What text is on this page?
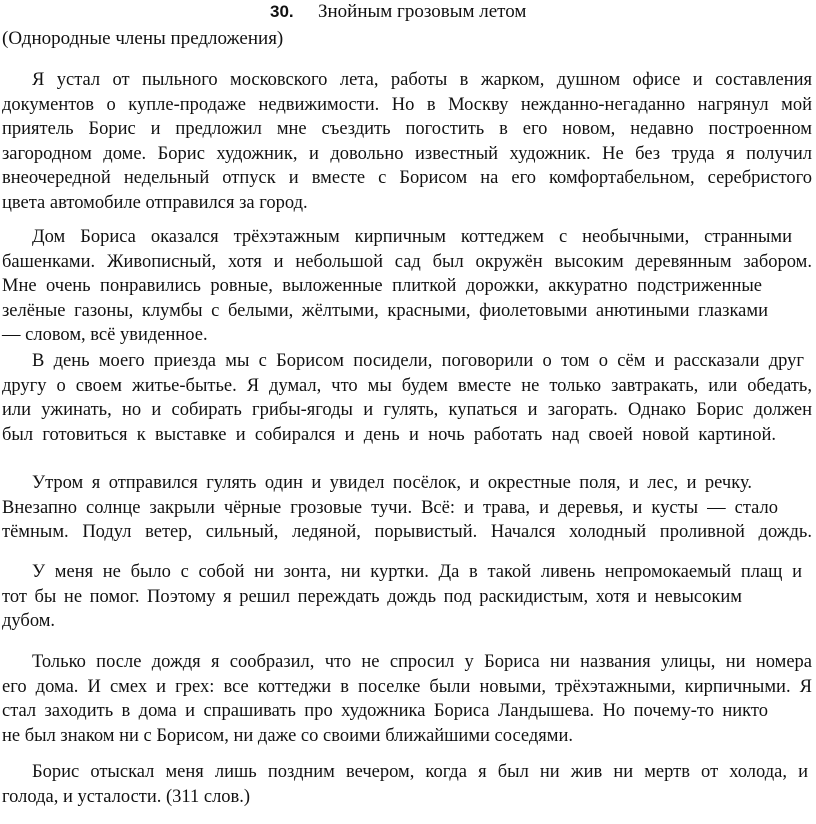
30. Знойным грозовым летом
(Однородные члены предложения)
Я устал от пыльного московского лета, работы в жарком, душном офисе и составления
документов о купле-продаже недвижимости. Но в Москву нежданно-негаданно нагрянул мой
приятель Борис и предложил мне съездить погостить в его новом, недавно построенном
загородном доме. Борис художник, и довольно известный художник. Не без труда я получил
внеочередной недельный отпуск и вместе с Борисом на его комфортабельном, серебристого
цвета автомобиле отправился за город.
Дом Бориса оказался трёхэтажным кирпичным коттеджем с необычными, странными
башенками. Живописный, хотя и небольшой сад был окружён высоким деревянным забором.
Мне очень понравились ровные, выложенные плиткой дорожки, аккуратно подстриженные
зелёные газоны, клумбы с белыми, жёлтыми, красными, фиолетовыми анютиными глазками
— словом, всё увиденное.
В день моего приезда мы с Борисом посидели, поговорили о том о сём и рассказали друг
другу о своем житье-бытье. Я думал, что мы будем вместе не только завтракать, или обедать,
или ужинать, но и собирать грибы-ягоды и гулять, купаться и загорать. Однако Борис должен
был готовиться к выставке и собирался и день и ночь работать над своей новой картиной.
Утром я отправился гулять один и увидел посёлок, и окрестные поля, и лес, и речку.
Внезапно солнце закрыли чёрные грозовые тучи. Всё: и трава, и деревья, и кусты — стало
тёмным. Подул ветер, сильный, ледяной, порывистый. Начался холодный проливной дождь.
У меня не было с собой ни зонта, ни куртки. Да в такой ливень непромокаемый плащ и
тот бы не помог. Поэтому я решил переждать дождь под раскидистым, хотя и невысоким
дубом.
Только после дождя я сообразил, что не спросил у Бориса ни названия улицы, ни номера
его дома. И смех и грех: все коттеджи в поселке были новыми, трёхэтажными, кирпичными. Я
стал заходить в дома и спрашивать про художника Бориса Ландышева. Но почему-то никто
не был знаком ни с Борисом, ни даже со своими ближайшими соседями.
Борис отыскал меня лишь поздним вечером, когда я был ни жив ни мертв от холода, и
голода, и усталости. (311 слов.)
